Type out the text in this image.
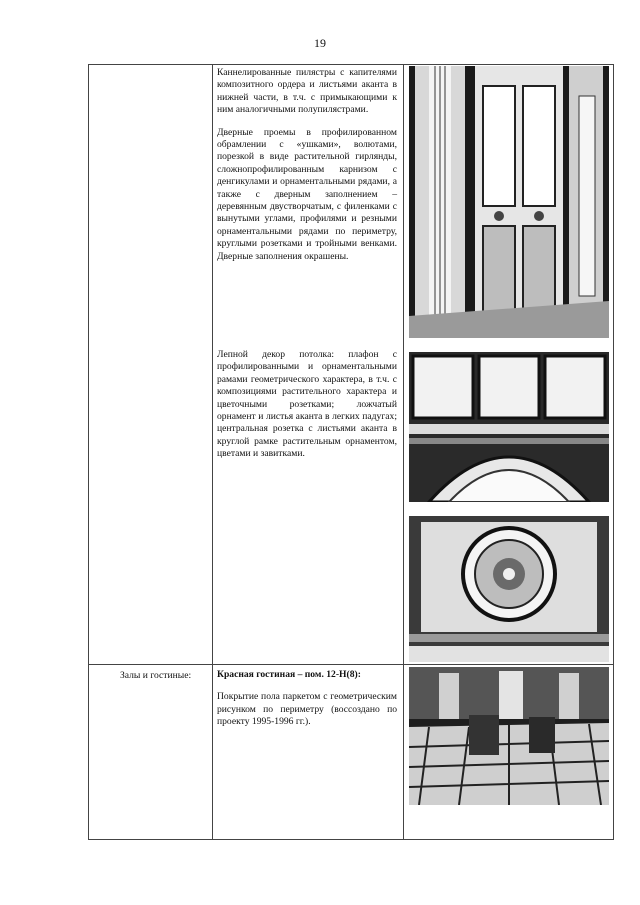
19

Каннелированные пилястры с капителями композитного ордера и листьями аканта в нижней части, в т.ч. с примыкающими к ним аналогичными полупилястрами.

Дверные проемы в профилированном обрамлении с «ушками», волютами, порезкой в виде растительной гирлянды, сложнопрофилированным карнизом с денгикулами и орнаментальными рядами, а также с дверным заполнением – деревянным двустворчатым, с филенками с вынутыми углами, профилями и резными орнаментальными рядами по периметру, круглыми розетками и тройными венками. Дверные заполнения окрашены.

Лепной декор потолка: плафон с профилированными и орнаментальными рамами геометрического характера, в т.ч. с композициями растительного характера и цветочными розетками; ложчатый орнамент и листья аканта в легких падугах; центральная розетка с листьями аканта в круглой рамке растительным орнаментом, цветами и завитками.

Залы и гостиные:	Красная гостиная – пом. 12-Н(8):

Покрытие пола паркетом с геометрическим рисунком по периметру (воссоздано по проекту 1995-1996 гг.).
